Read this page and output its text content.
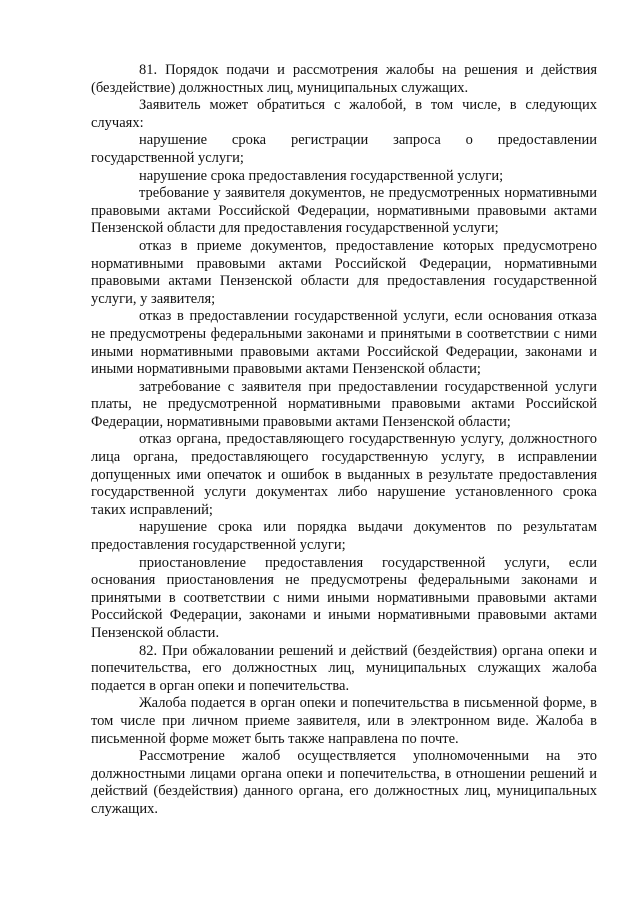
81. Порядок подачи и рассмотрения жалобы на решения и действия (бездействие) должностных лиц, муниципальных служащих.

Заявитель может обратиться с жалобой, в том числе, в следующих случаях:

нарушение срока регистрации запроса о предоставлении государственной услуги;

нарушение срока предоставления государственной услуги;

требование у заявителя документов, не предусмотренных нормативными правовыми актами Российской Федерации, нормативными правовыми актами Пензенской области для предоставления государственной услуги;

отказ в приеме документов, предоставление которых предусмотрено нормативными правовыми актами Российской Федерации, нормативными правовыми актами Пензенской области для предоставления государственной услуги, у заявителя;

отказ в предоставлении государственной услуги, если основания отказа не предусмотрены федеральными законами и принятыми в соответствии с ними иными нормативными правовыми актами Российской Федерации, законами и иными нормативными правовыми актами Пензенской области;

затребование с заявителя при предоставлении государственной услуги платы, не предусмотренной нормативными правовыми актами Российской Федерации, нормативными правовыми актами Пензенской области;

отказ органа, предоставляющего государственную услугу, должностного лица органа, предоставляющего государственную услугу, в исправлении допущенных ими опечаток и ошибок в выданных в результате предоставления государственной услуги документах либо нарушение установленного срока таких исправлений;

нарушение срока или порядка выдачи документов по результатам предоставления государственной услуги;

приостановление предоставления государственной услуги, если основания приостановления не предусмотрены федеральными законами и принятыми в соответствии с ними иными нормативными правовыми актами Российской Федерации, законами и иными нормативными правовыми актами Пензенской области.

82. При обжаловании решений и действий (бездействия) органа опеки и попечительства, его должностных лиц, муниципальных служащих жалоба подается в орган опеки и попечительства.

Жалоба подается в орган опеки и попечительства в письменной форме, в том числе при личном приеме заявителя, или в электронном виде. Жалоба в письменной форме может быть также направлена по почте.

Рассмотрение жалоб осуществляется уполномоченными на это должностными лицами органа опеки и попечительства, в отношении решений и действий (бездействия) данного органа, его должностных лиц, муниципальных служащих.
